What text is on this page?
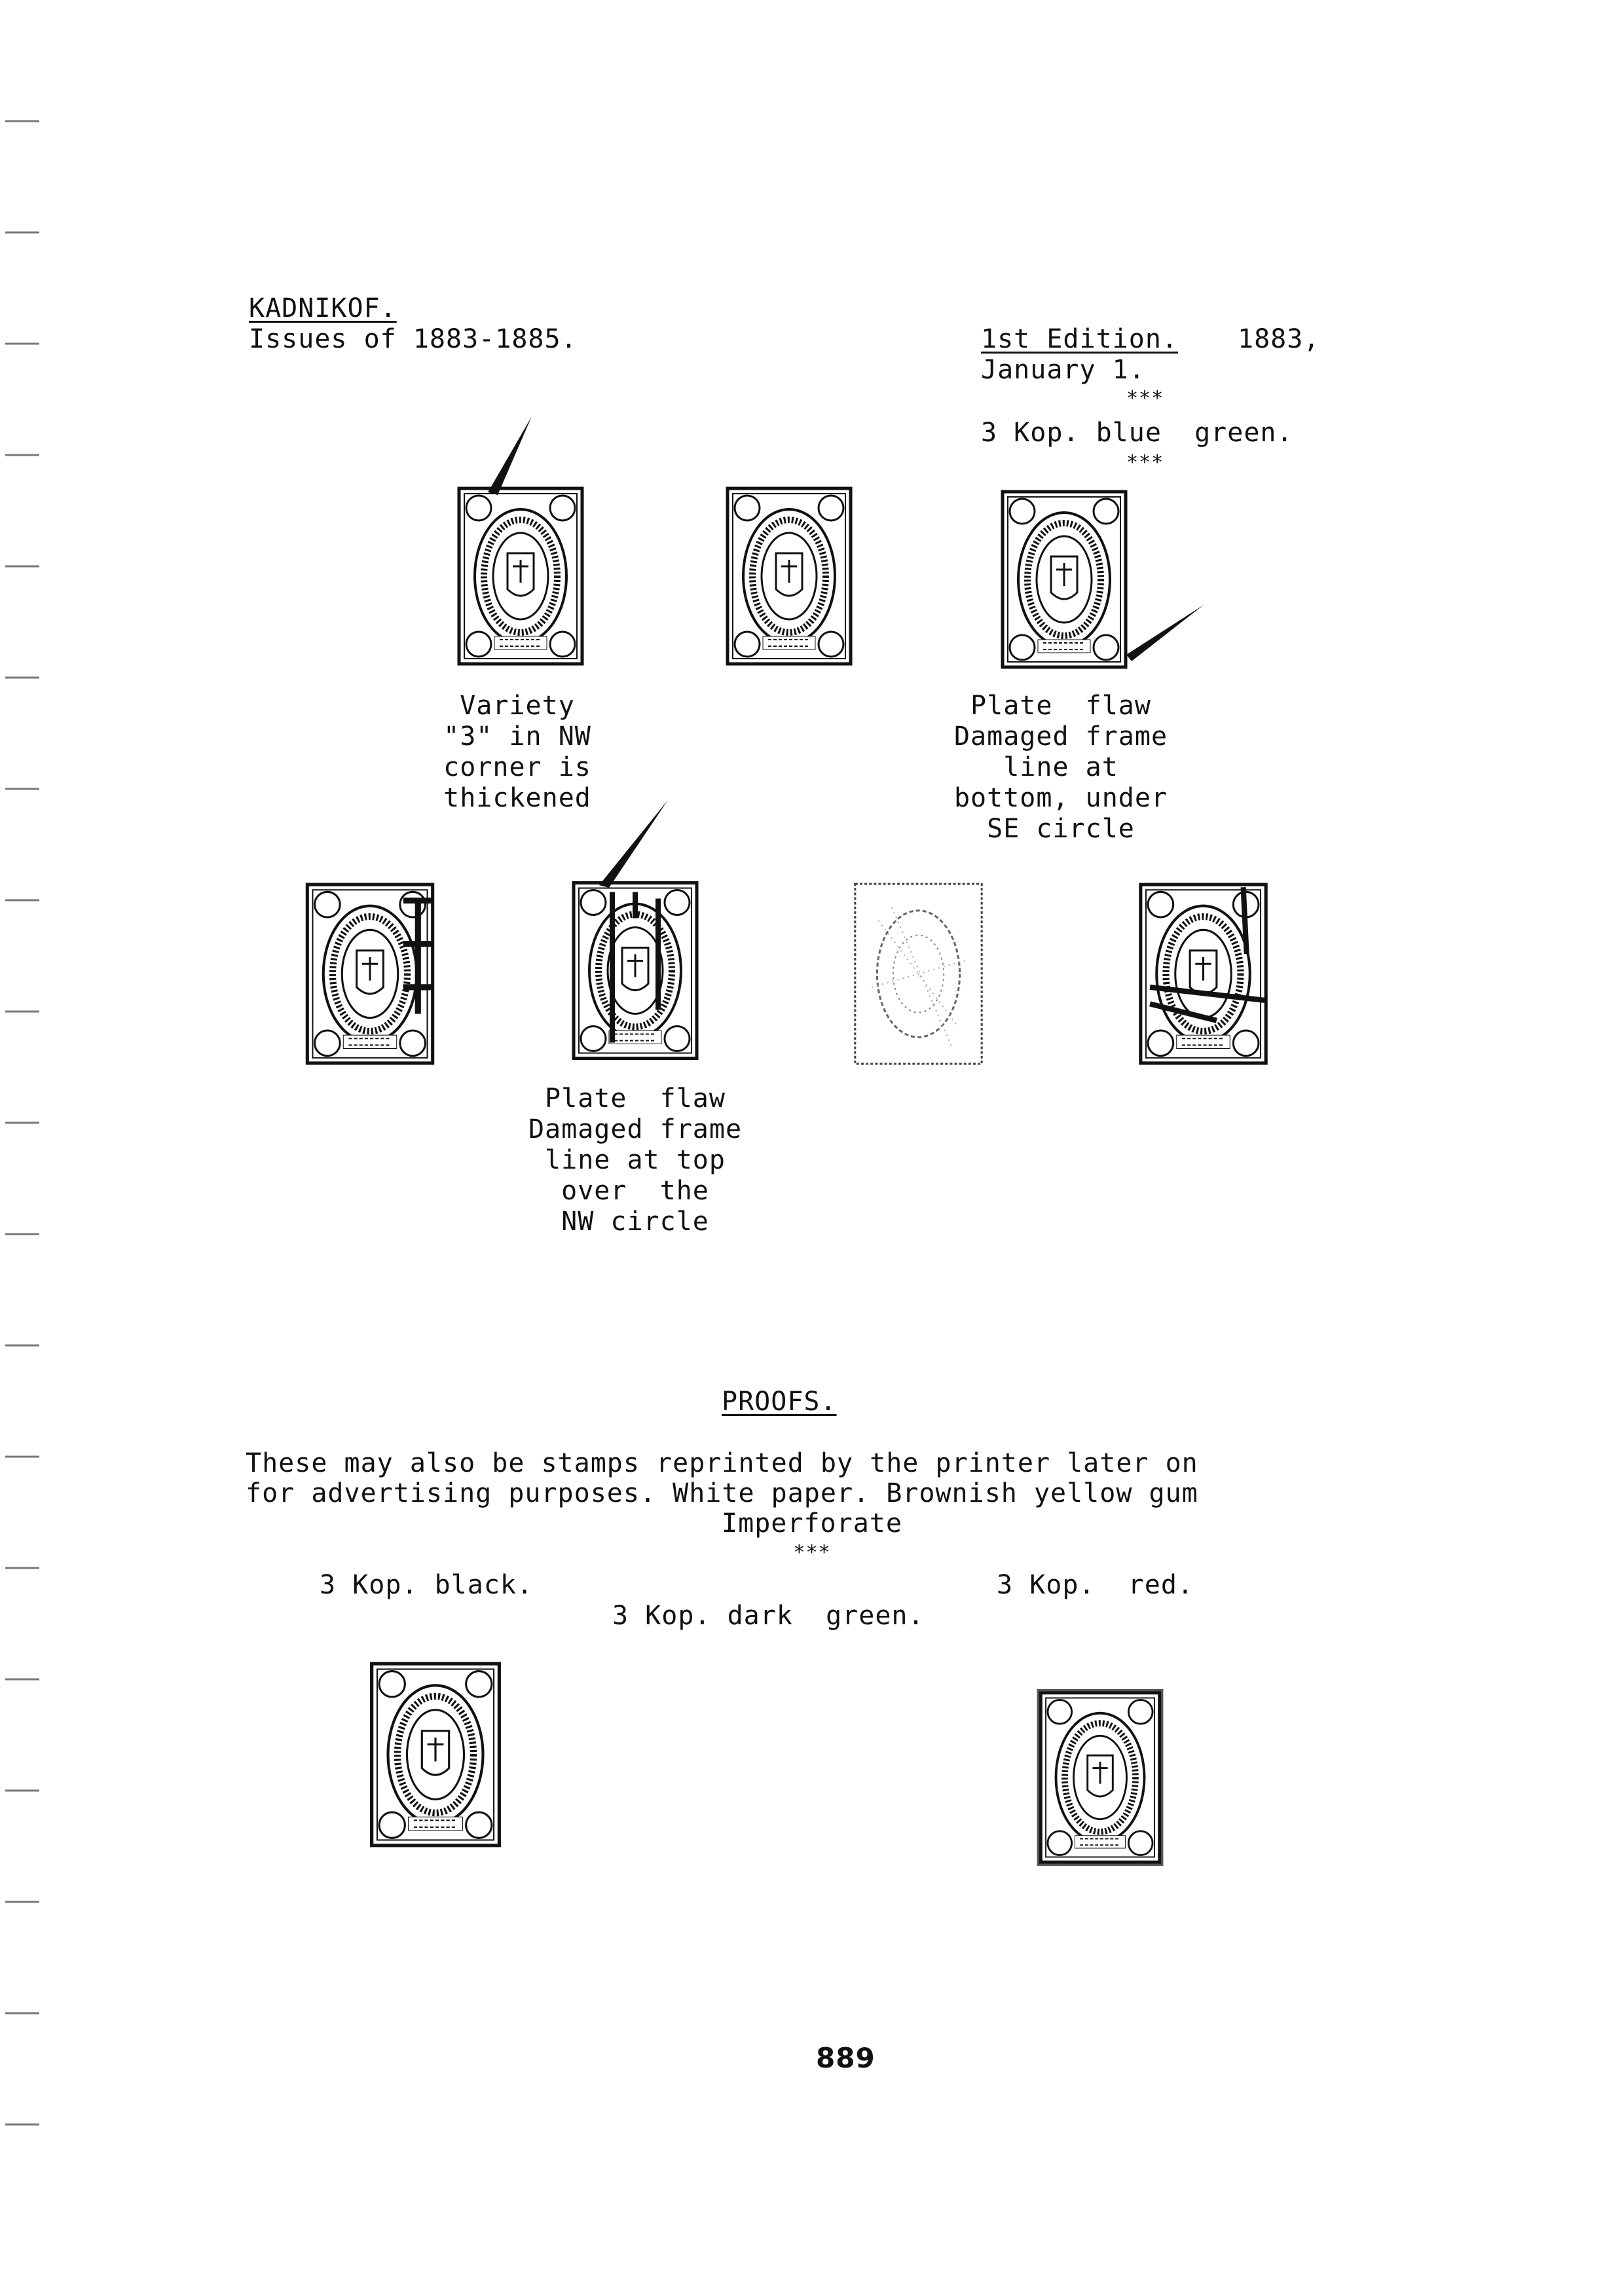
KADNIKOF.
Issues of 1883-1885.	1st Edition. 1883,
January 1.
***
3 Kop. blue  green.
***
Variety
"3" in NW
corner is
thickened
Plate  flaw
Damaged frame
line at
bottom, under
SE circle
Plate  flaw
Damaged frame
line at top
over  the
NW circle
PROOFS.
These may also be stamps reprinted by the printer later on
for advertising purposes. White paper. Brownish yellow gum
Imperforate
***
3 Kop. black.	3 Kop.  red.
3 Kop. dark  green.
889
